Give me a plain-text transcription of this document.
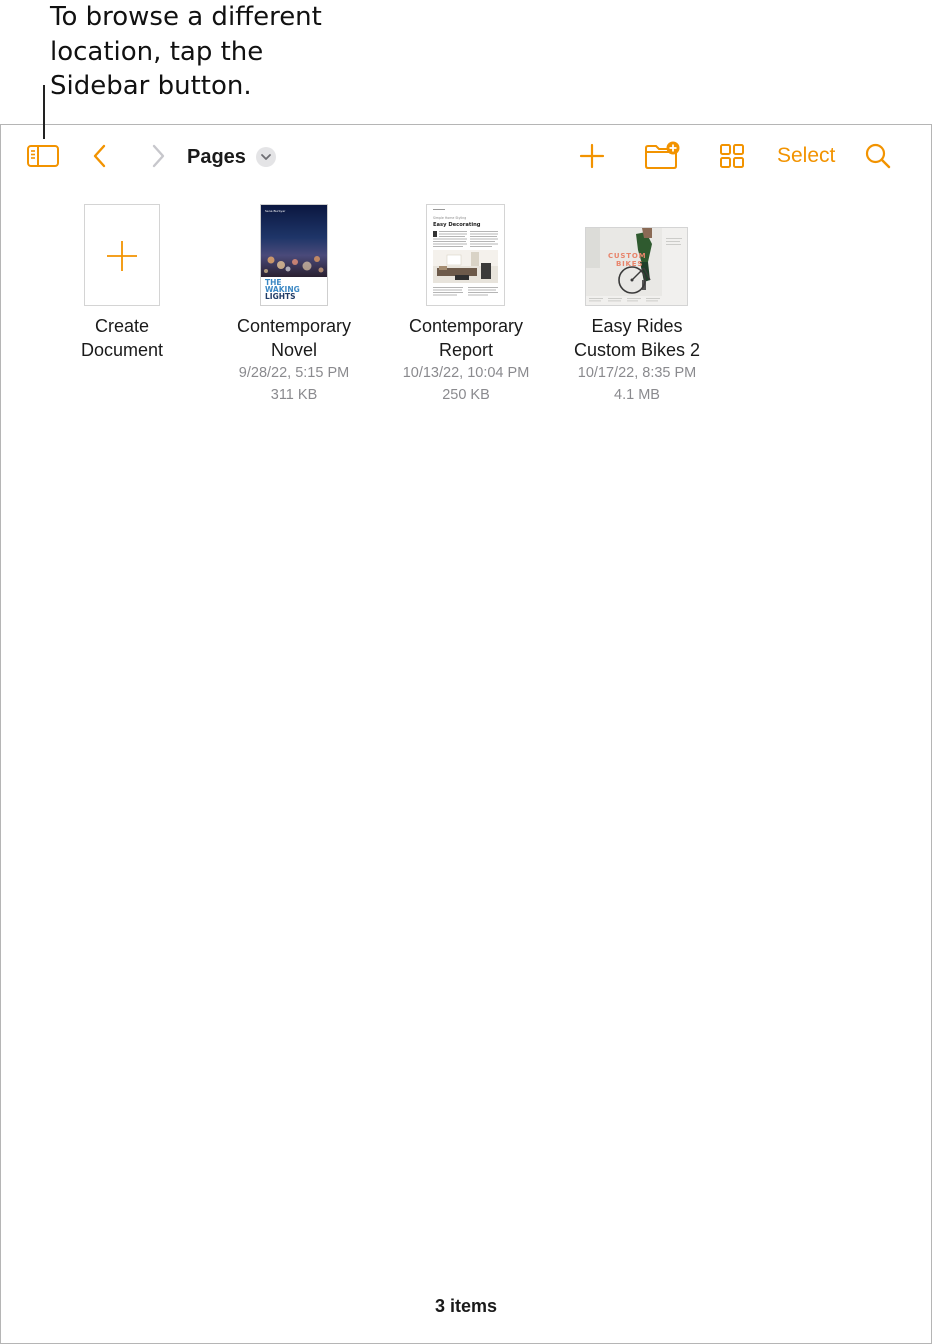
To browse a different
location, tap the
Sidebar button.
Pages	Select
Create
Document
Sena Burbyer
THE
WAKING
LIGHTS
Contemporary
Novel
9/28/22, 5:15 PM
311 KB
Simple Home Styling
Easy Decorating
Contemporary
Report
10/13/22, 10:04 PM
250 KB
CUSTOM
BIKES
Easy Rides
Custom Bikes 2
10/17/22, 8:35 PM
4.1 MB
3 items
